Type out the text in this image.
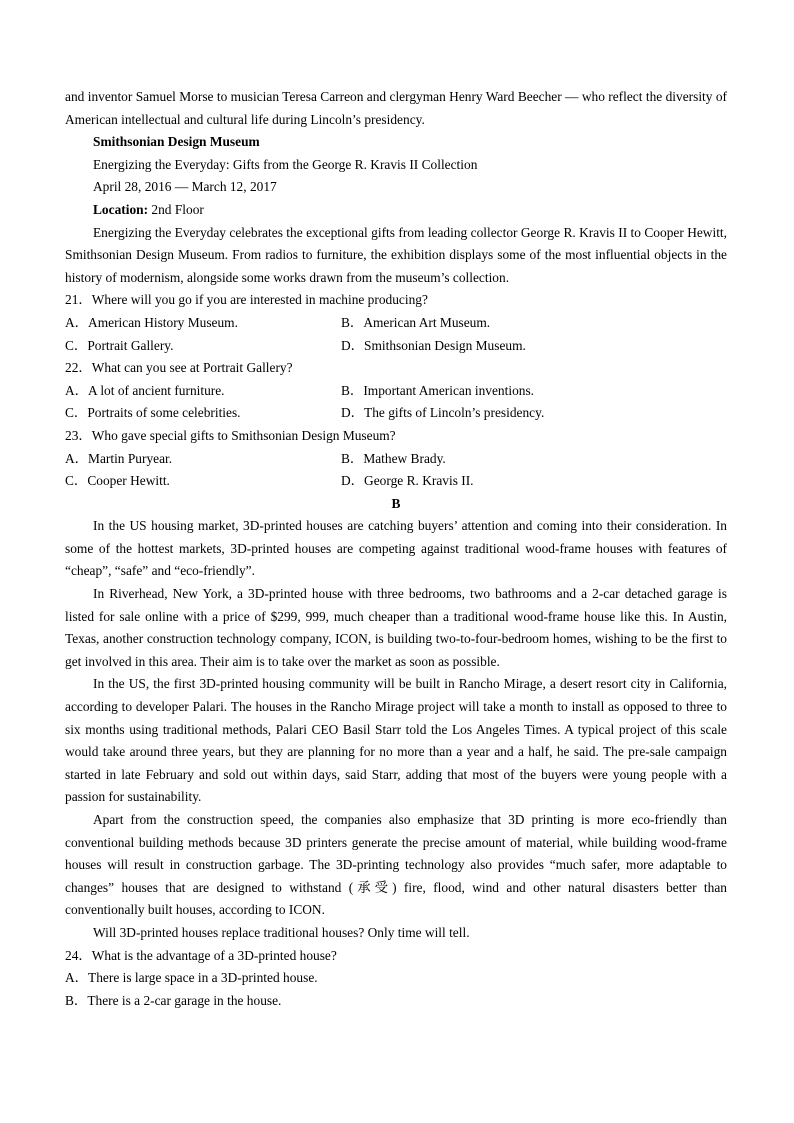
and inventor Samuel Morse to musician Teresa Carreon and clergyman Henry Ward Beecher — who reflect the diversity of American intellectual and cultural life during Lincoln’s presidency.

Smithsonian Design Museum

Energizing the Everyday: Gifts from the George R. Kravis II Collection

April 28, 2016 — March 12, 2017

Location: 2nd Floor

Energizing the Everyday celebrates the exceptional gifts from leading collector George R. Kravis II to Cooper Hewitt, Smithsonian Design Museum. From radios to furniture, the exhibition displays some of the most influential objects in the history of modernism, alongside some works drawn from the museum’s collection.

21．Where will you go if you are interested in machine producing?

A．American History Museum.	B．American Art Museum.
C．Portrait Gallery.	D．Smithsonian Design Museum.

22．What can you see at Portrait Gallery?

A．A lot of ancient furniture.	B．Important American inventions.
C．Portraits of some celebrities.	D．The gifts of Lincoln’s presidency.

23．Who gave special gifts to Smithsonian Design Museum?

A．Martin Puryear.	B．Mathew Brady.
C．Cooper Hewitt.	D．George R. Kravis II.

B

In the US housing market, 3D-printed houses are catching buyers’ attention and coming into their consideration. In some of the hottest markets, 3D-printed houses are competing against traditional wood-frame houses with features of “cheap”, “safe” and “eco-friendly”.

In Riverhead, New York, a 3D-printed house with three bedrooms, two bathrooms and a 2-car detached garage is listed for sale online with a price of $299, 999, much cheaper than a traditional wood-frame house like this. In Austin, Texas, another construction technology company, ICON, is building two-to-four-bedroom homes, wishing to be the first to get involved in this area. Their aim is to take over the market as soon as possible.

In the US, the first 3D-printed housing community will be built in Rancho Mirage, a desert resort city in California, according to developer Palari. The houses in the Rancho Mirage project will take a month to install as opposed to three to six months using traditional methods, Palari CEO Basil Starr told the Los Angeles Times. A typical project of this scale would take around three years, but they are planning for no more than a year and a half, he said. The pre-sale campaign started in late February and sold out within days, said Starr, adding that most of the buyers were young people with a passion for sustainability.

Apart from the construction speed, the companies also emphasize that 3D printing is more eco-friendly than conventional building methods because 3D printers generate the precise amount of material, while building wood-frame houses will result in construction garbage. The 3D-printing technology also provides “much safer, more adaptable to changes” houses that are designed to withstand (承受) fire, flood, wind and other natural disasters better than conventionally built houses, according to ICON.

Will 3D-printed houses replace traditional houses? Only time will tell.

24．What is the advantage of a 3D-printed house?

A．There is large space in a 3D-printed house.

B．There is a 2-car garage in the house.
